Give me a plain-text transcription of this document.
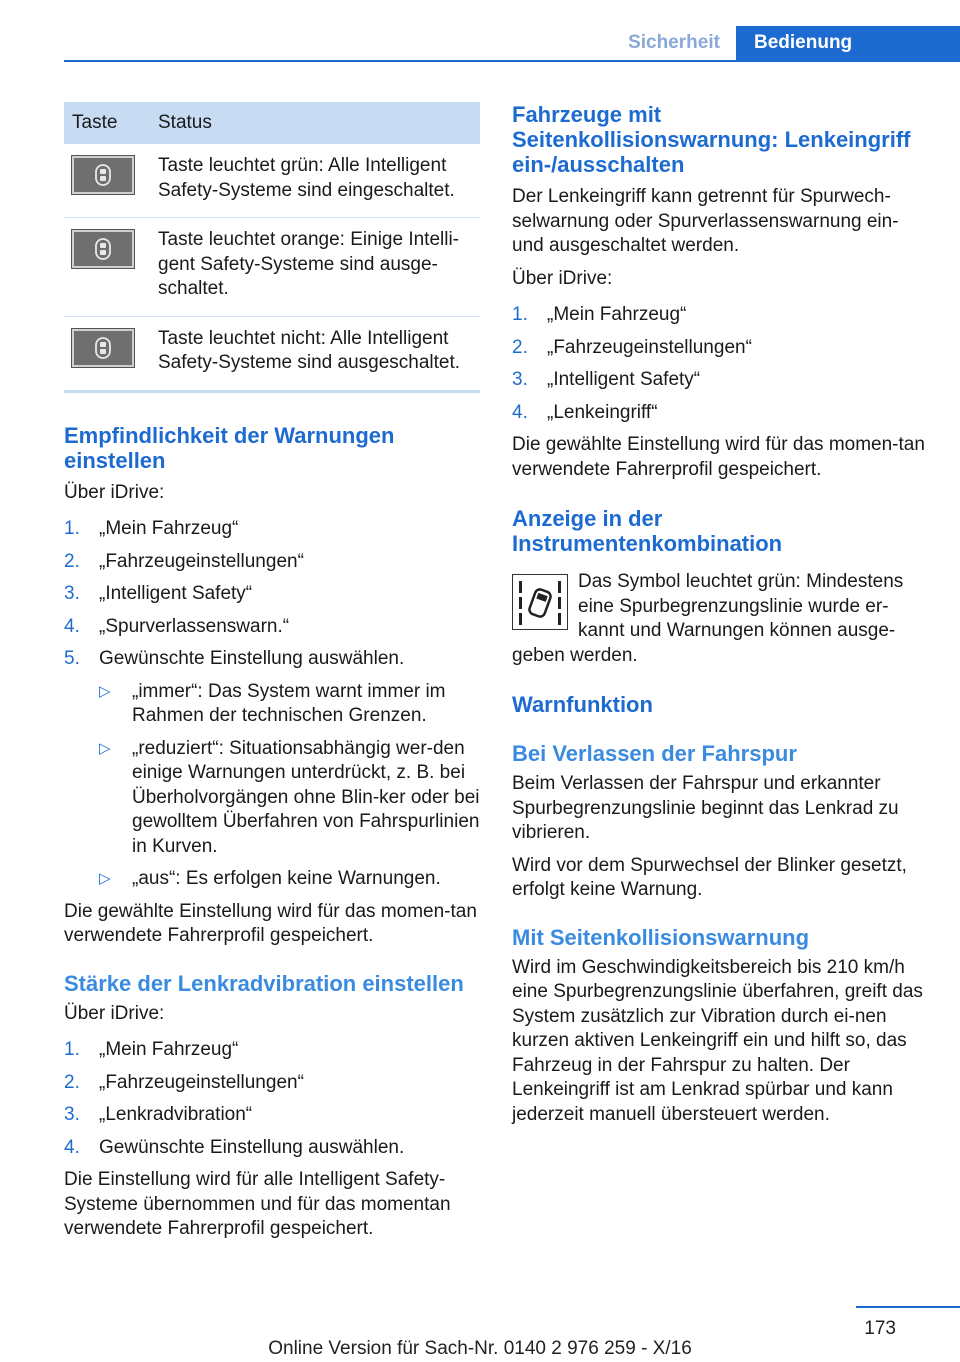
Sicherheit	Bedienung
Taste	Status

	Taste leuchtet grün: Alle Intelligent Safety-Systeme sind eingeschaltet.

	Taste leuchtet orange: Einige Intelli-gent Safety-Systeme sind ausge-schaltet.

	Taste leuchtet nicht: Alle Intelligent Safety-Systeme sind ausgeschaltet.
Empfindlichkeit der Warnungen einstellen

Über iDrive:

1. „Mein Fahrzeug“
2. „Fahrzeugeinstellungen“
3. „Intelligent Safety“
4. „Spurverlassenswarn.“
5. Gewünschte Einstellung auswählen.
▷ „immer“: Das System warnt immer im Rahmen der technischen Grenzen.
▷ „reduziert“: Situationsabhängig wer-den einige Warnungen unterdrückt, z. B. bei Überholvorgängen ohne Blin-ker oder bei gewolltem Überfahren von Fahrspurlinien in Kurven.
▷ „aus“: Es erfolgen keine Warnungen.

Die gewählte Einstellung wird für das momen-tan verwendete Fahrerprofil gespeichert.

Stärke der Lenkradvibration einstellen

Über iDrive:

1. „Mein Fahrzeug“
2. „Fahrzeugeinstellungen“
3. „Lenkradvibration“
4. Gewünschte Einstellung auswählen.

Die Einstellung wird für alle Intelligent Safety-Systeme übernommen und für das momentan verwendete Fahrerprofil gespeichert.

Fahrzeuge mit Seitenkollisionswarnung: Lenkeingriff ein-/ausschalten

Der Lenkeingriff kann getrennt für Spurwech-selwarnung oder Spurverlassenswarnung ein- und ausgeschaltet werden.

Über iDrive:

1. „Mein Fahrzeug“
2. „Fahrzeugeinstellungen“
3. „Intelligent Safety“
4. „Lenkeingriff“

Die gewählte Einstellung wird für das momen-tan verwendete Fahrerprofil gespeichert.

Anzeige in der Instrumentenkombination

Das Symbol leuchtet grün: Mindestens eine Spurbegrenzungslinie wurde er-kannt und Warnungen können ausge-geben werden.

Warnfunktion
Bei Verlassen der Fahrspur

Beim Verlassen der Fahrspur und erkannter Spurbegrenzungslinie beginnt das Lenkrad zu vibrieren.

Wird vor dem Spurwechsel der Blinker gesetzt, erfolgt keine Warnung.

Mit Seitenkollisionswarnung

Wird im Geschwindigkeitsbereich bis 210 km/h eine Spurbegrenzungslinie überfahren, greift das System zusätzlich zur Vibration durch ei-nen kurzen aktiven Lenkeingriff ein und hilft so, das Fahrzeug in der Fahrspur zu halten. Der Lenkeingriff ist am Lenkrad spürbar und kann jederzeit manuell übersteuert werden.

173
Online Version für Sach-Nr. 0140 2 976 259 - X/16
